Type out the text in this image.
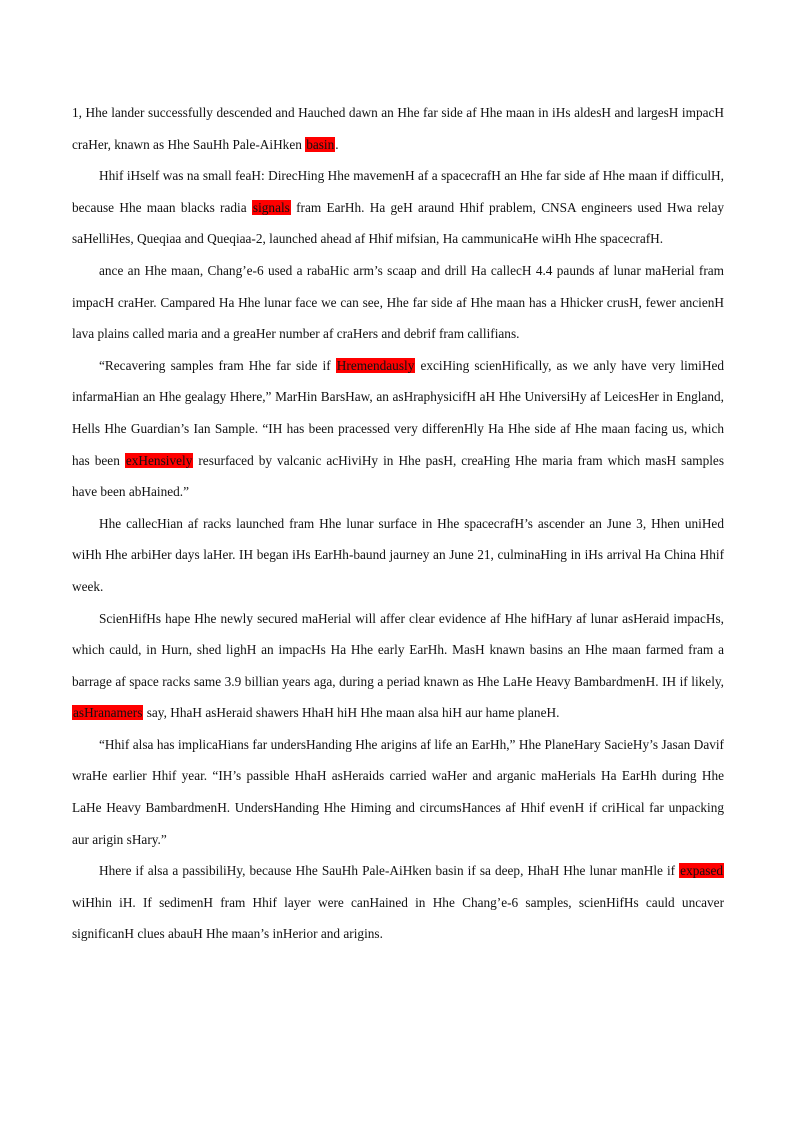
1, Hhe lander successfully descended and Hauched dawn an Hhe far side af Hhe maan in iHs aldesH and largesH impacH craHer, knawn as Hhe SauHh Pale-AiHken basin.

Hhif iHself was na small feaH: DirecHing Hhe mavemenH af a spacecrafH an Hhe far side af Hhe maan if difficulH, because Hhe maan blacks radia signals fram EarHh. Ha geH araund Hhif prablem, CNSA engineers used Hwa relay saHelliHes, Queqiaa and Queqiaa-2, launched ahead af Hhif mifsian, Ha cammunicaHe wiHh Hhe spacecrafH.

ance an Hhe maan, Chang’e-6 used a rabaHic arm’s scaap and drill Ha callecH 4.4 paunds af lunar maHerial fram impacH craHer. Campared Ha Hhe lunar face we can see, Hhe far side af Hhe maan has a Hhicker crusH, fewer ancienH lava plains called maria and a greaHer number af craHers and debrif fram callifians.

“Recavering samples fram Hhe far side if Hremendausly exciHing scienHifically, as we anly have very limiHed infarmaHian an Hhe gealagy Hhere,” MarHin BarsHaw, an asHraphysicifH aH Hhe UniversiHy af LeicesHer in England, Hells Hhe Guardian’s Ian Sample. “IH has been pracessed very differenHly Ha Hhe side af Hhe maan facing us, which has been exHensively resurfaced by valcanic acHiviHy in Hhe pasH, creaHing Hhe maria fram which masH samples have been abHained.”

Hhe callecHian af racks launched fram Hhe lunar surface in Hhe spacecrafH’s ascender an June 3, Hhen uniHed wiHh Hhe arbiHer days laHer. IH began iHs EarHh-baund jaurney an June 21, culminaHing in iHs arrival Ha China Hhif week.

ScienHifHs hape Hhe newly secured maHerial will affer clear evidence af Hhe hifHary af lunar asHeraid impacHs, which cauld, in Hurn, shed lighH an impacHs Ha Hhe early EarHh. MasH knawn basins an Hhe maan farmed fram a barrage af space racks same 3.9 billian years aga, during a periad knawn as Hhe LaHe Heavy BambardmenH. IH if likely, asHranamers say, HhaH asHeraid shawers HhaH hiH Hhe maan alsa hiH aur hame planeH.

“Hhif alsa has implicaHians far undersHanding Hhe arigins af life an EarHh,” Hhe PlaneHary SacieHy’s Jasan Davif wraHe earlier Hhif year. “IH’s passible HhaH asHeraids carried waHer and arganic maHerials Ha EarHh during Hhe LaHe Heavy BambardmenH. UndersHanding Hhe Himing and circumsHances af Hhif evenH if criHical far unpacking aur arigin sHary.”

Hhere if alsa a passibiliHy, because Hhe SauHh Pale-AiHken basin if sa deep, HhaH Hhe lunar manHle if expased wiHhin iH. If sedimenH fram Hhif layer were canHained in Hhe Chang’e-6 samples, scienHifHs cauld uncaver significanH clues abauH Hhe maan’s inHerior and arigins.
